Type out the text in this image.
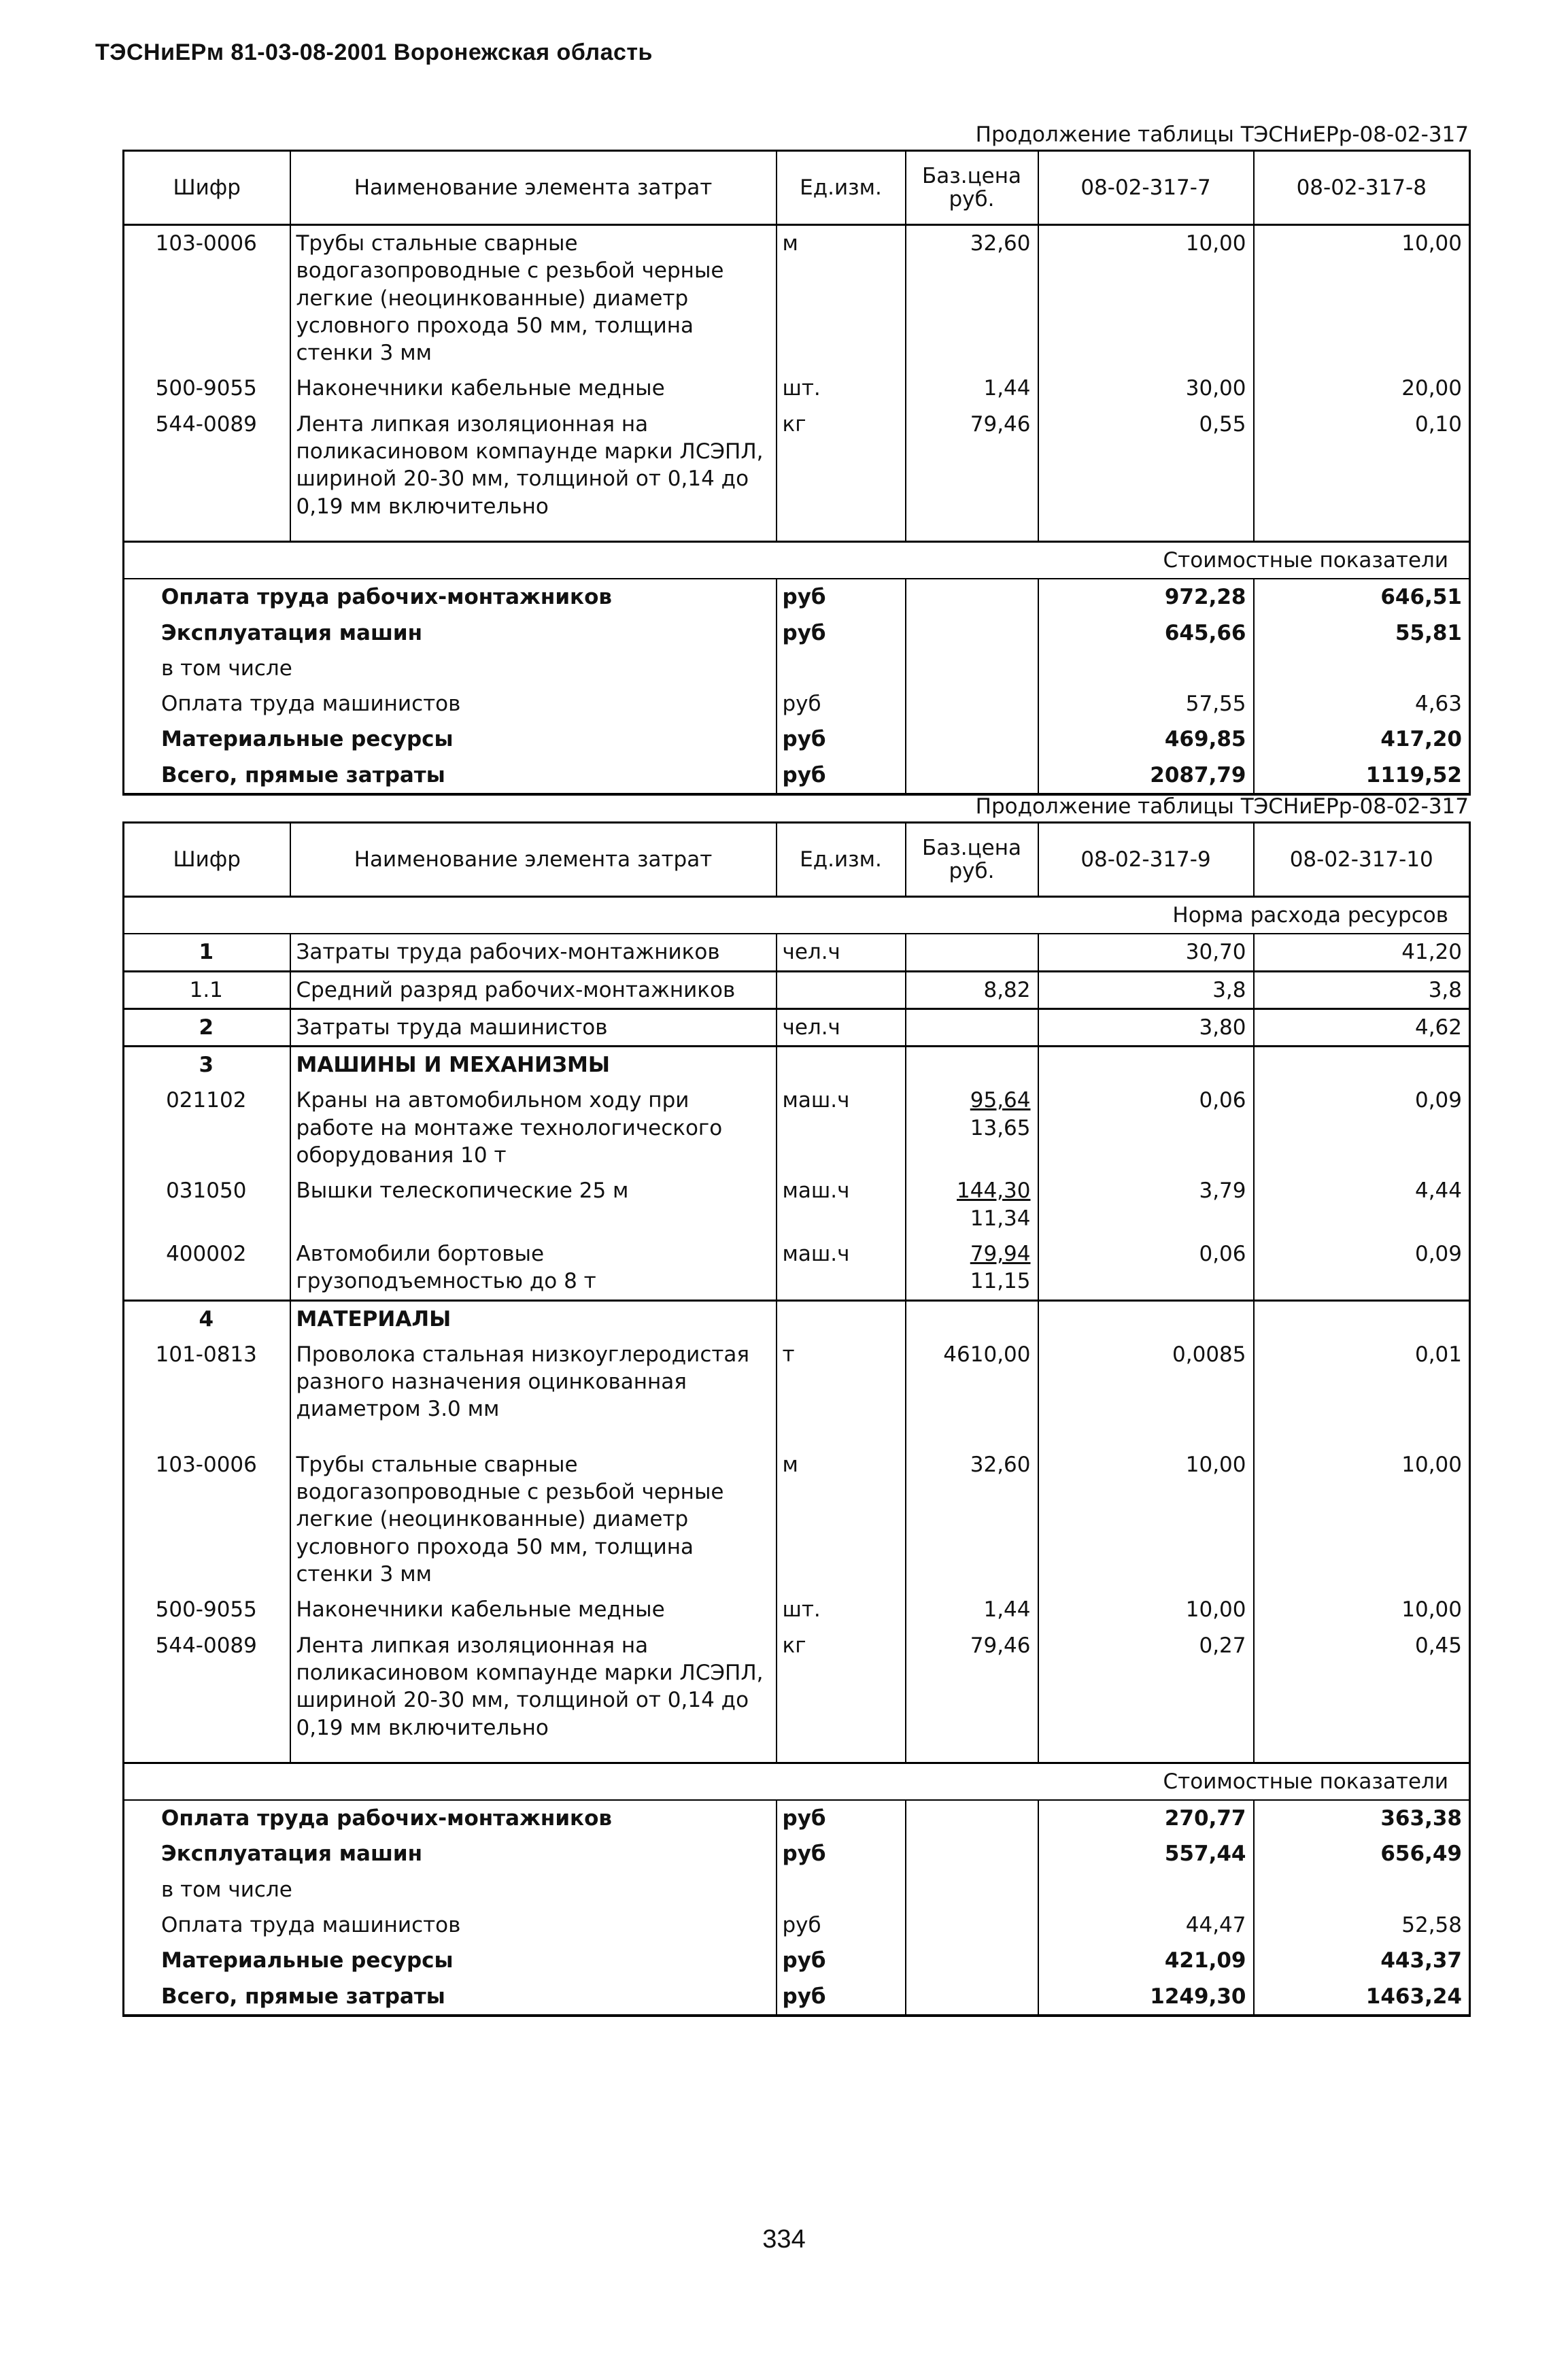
ТЭСНиЕРм 81-03-08-2001 Воронежская область
Продолжение таблицы ТЭСНиЕРр-08-02-317
Шифр	Наименование элемента затрат	Ед.изм.	Баз.цена руб.	08-02-317-7	08-02-317-8
103-0006	Трубы стальные сварные водогазопроводные с резьбой черные легкие (неоцинкованные) диаметр условного прохода 50 мм, толщина стенки 3 мм	м	32,60	10,00	10,00
500-9055	Наконечники кабельные медные	шт.	1,44	30,00	20,00
544-0089	Лента липкая изоляционная на поликасиновом компаунде марки ЛСЭПЛ, шириной 20-30 мм, толщиной от 0,14 до 0,19 мм включительно	кг	79,46	0,55	0,10

Стоимостные показатели					
Оплата труда рабочих-монтажников		руб		972,28	646,51
Эксплуатация машин		руб		645,66	55,81
в том числе					
Оплата труда машинистов		руб		57,55	4,63
Материальные ресурсы		руб		469,85	417,20
Всего, прямые затраты		руб		2087,79	1119,52
Продолжение таблицы ТЭСНиЕРр-08-02-317
Шифр	Наименование элемента затрат	Ед.изм.	Баз.цена руб.	08-02-317-9	08-02-317-10
Норма расхода ресурсов					
1	Затраты труда рабочих-монтажников	чел.ч		30,70	41,20
1.1	Средний разряд рабочих-монтажников		8,82	3,8	3,8
2	Затраты труда машинистов	чел.ч		3,80	4,62
3	МАШИНЫ И МЕХАНИЗМЫ				
021102	Краны на автомобильном ходу при работе на монтаже технологического оборудования 10 т	маш.ч	$\frac{95,64}{13,65}$	0,06	0,09
031050	Вышки телескопические 25 м	маш.ч	$\frac{144,30}{11,34}$	3,79	4,44
400002	Автомобили бортовые грузоподъемностью до 8 т	маш.ч	$\frac{79,94}{11,15}$	0,06	0,09
4	МАТЕРИАЛЫ				
101-0813	Проволока стальная низкоуглеродистая разного назначения оцинкованная диаметром 3.0 мм	т	4610,00	0,0085	0,01
103-0006	Трубы стальные сварные водогазопроводные с резьбой черные легкие (неоцинкованные) диаметр условного прохода 50 мм, толщина стенки 3 мм	м	32,60	10,00	10,00
500-9055	Наконечники кабельные медные	шт.	1,44	10,00	10,00
544-0089	Лента липкая изоляционная на поликасиновом компаунде марки ЛСЭПЛ, шириной 20-30 мм, толщиной от 0,14 до 0,19 мм включительно	кг	79,46	0,27	0,45

Стоимостные показатели					
Оплата труда рабочих-монтажников		руб		270,77	363,38
Эксплуатация машин		руб		557,44	656,49
в том числе					
Оплата труда машинистов		руб		44,47	52,58
Материальные ресурсы		руб		421,09	443,37
Всего, прямые затраты		руб		1249,30	1463,24
334
